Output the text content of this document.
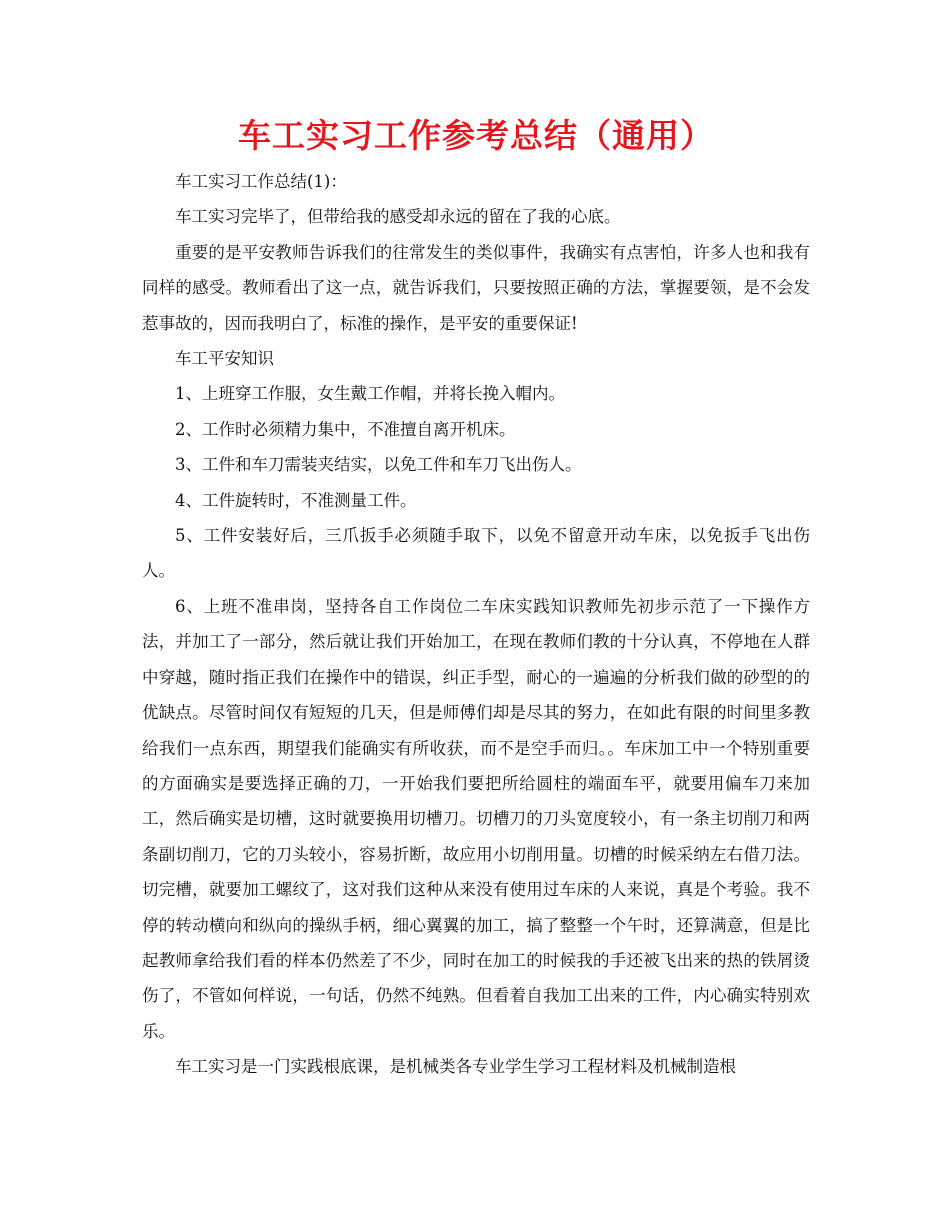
车工实习工作参考总结（通用）

车工实习工作总结(1)：

车工实习完毕了，但带给我的感受却永远的留在了我的心底。

重要的是平安教师告诉我们的往常发生的类似事件，我确实有点害怕，许多人也和我有同样的感受。教师看出了这一点，就告诉我们，只要按照正确的方法，掌握要领，是不会发惹事故的，因而我明白了，标准的操作，是平安的重要保证!

车工平安知识

1、上班穿工作服，女生戴工作帽，并将长挽入帽内。

2、工作时必须精力集中，不准擅自离开机床。

3、工件和车刀需装夹结实，以免工件和车刀飞出伤人。

4、工件旋转时，不准测量工件。

5、工件安装好后，三爪扳手必须随手取下，以免不留意开动车床，以免扳手飞出伤人。

6、上班不准串岗，坚持各自工作岗位二车床实践知识教师先初步示范了一下操作方法，并加工了一部分，然后就让我们开始加工，在现在教师们教的十分认真，不停地在人群中穿越，随时指正我们在操作中的错误，纠正手型，耐心的一遍遍的分析我们做的砂型的的优缺点。尽管时间仅有短短的几天，但是师傅们却是尽其的努力，在如此有限的时间里多教给我们一点东西，期望我们能确实有所收获，而不是空手而归。。车床加工中一个特别重要的方面确实是要选择正确的刀，一开始我们要把所给圆柱的端面车平，就要用偏车刀来加工，然后确实是切槽，这时就要换用切槽刀。切槽刀的刀头宽度较小，有一条主切削刀和两条副切削刀，它的刀头较小，容易折断，故应用小切削用量。切槽的时候采纳左右借刀法。切完槽，就要加工螺纹了，这对我们这种从来没有使用过车床的人来说，真是个考验。我不停的转动横向和纵向的操纵手柄，细心翼翼的加工，搞了整整一个午时，还算满意，但是比起教师拿给我们看的样本仍然差了不少，同时在加工的时候我的手还被飞出来的热的铁屑烫伤了，不管如何样说，一句话，仍然不纯熟。但看着自我加工出来的工件，内心确实特别欢乐。

车工实习是一门实践根底课，是机械类各专业学生学习工程材料及机械制造根
